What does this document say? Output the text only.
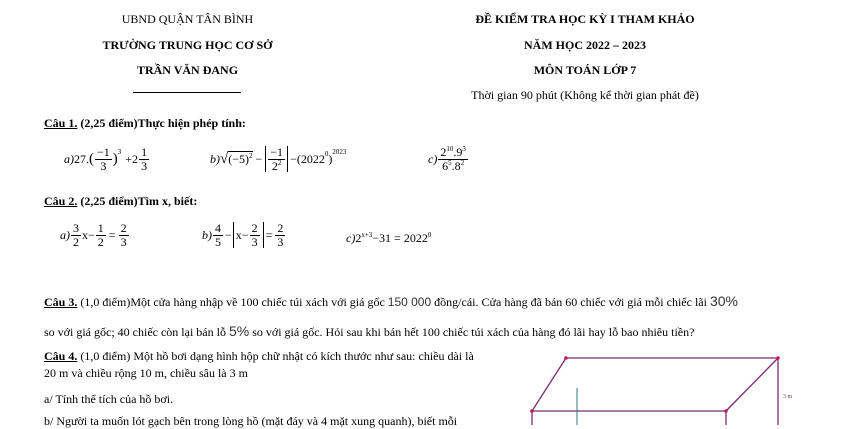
UBND QUẬN TÂN BÌNH
TRƯỜNG TRUNG HỌC CƠ SỞ
TRẦN VĂN ĐANG
ĐỀ KIỂM TRA HỌC KỲ I THAM KHẢO
NĂM HỌC 2022 – 2023
MÔN TOÁN LỚP 7
Thời gian 90 phút (Không kể thời gian phát đề)
Câu 1. (2,25 điểm)Thực hiện phép tính:
a) 27. ( $\frac{-1}{3} )^3 +2 \frac{1}{3}$	b) √ $(-5)^2 - \frac{-1}{2^2} -(2022^0$ )$^{2023}$	$c) \frac{2^{10}.9^3}{6^5.8^2}$
Câu 2. (2,25 điểm)Tìm x, biết:
$a) \frac{3}{2} x- \frac{1}{2} = \frac{2}{3}$	$b) \frac{4}{5} - x- \frac{2}{3} = \frac{2}{3}$	$c)2^{x+3}-31 = 2022^0$
Câu 3. (1,0 điểm)Một cửa hàng nhập về 100 chiếc túi xách với giá gốc 150 000 đồng/cái. Cửa hàng đã bán 60 chiếc với giá mỗi chiếc lãi 30%
so với giá gốc; 40 chiếc còn lại bán lỗ 5% so với giá gốc. Hỏi sau khi bán hết 100 chiếc túi xách của hàng đó lãi hay lỗ bao nhiêu tiền?
Câu 4. (1,0 điểm) Một hồ bơi dạng hình hộp chữ nhật có kích thước như sau: chiều dài là
20 m và chiều rộng 10 m, chiều sâu là 3 m
a/ Tính thể tích của hồ bơi.
b/ Người ta muốn lót gạch bên trong lòng hồ (mặt đáy và 4 mặt xung quanh), biết mỗi
3 m
